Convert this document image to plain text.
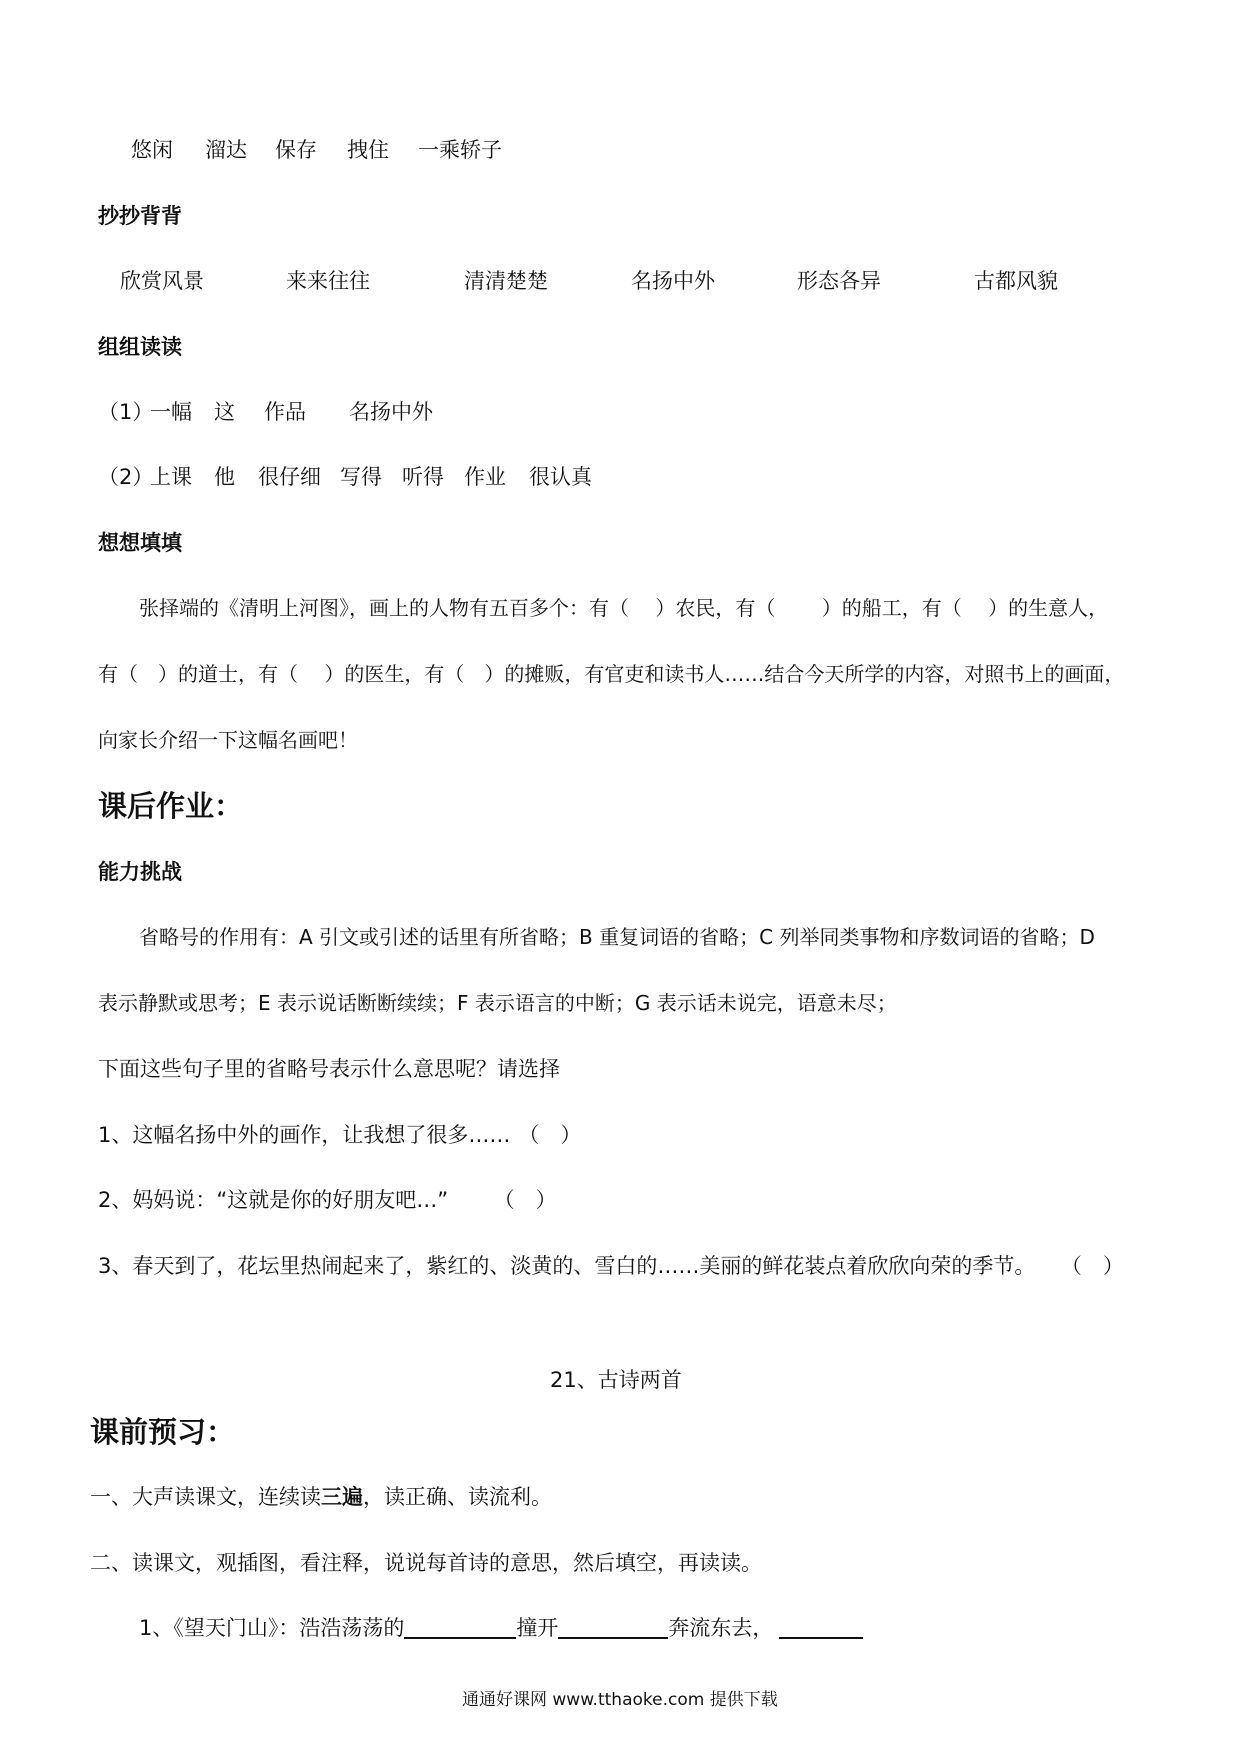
悠闲 溜达 保存 拽住 一乘轿子
抄抄背背
欣赏风景	来来往往	清清楚楚	名扬中外	形态各异	古都风貌
组组读读
（1）一幅 这 作品 名扬中外
（2）上课 他 很仔细 写得 听得 作业 很认真
想想填填
张择端的《清明上河图》，画上的人物有五百多个：有（　 ）农民，有（　 　）的船工，有（ 　）的生意人，
有（　）的道士，有（　 ）的医生，有（　）的摊贩，有官吏和读书人……结合今天所学的内容，对照书上的画面，
向家长介绍一下这幅名画吧！
课后作业：
能力挑战
省略号的作用有：A 引文或引述的话里有所省略；B 重复词语的省略；C 列举同类事物和序数词语的省略；D
表示静默或思考；E 表示说话断断续续；F 表示语言的中断；G 表示话未说完，语意未尽；
下面这些句子里的省略号表示什么意思呢？请选择
1、这幅名扬中外的画作，让我想了很多…… （　）
2、妈妈说：“这就是你的好朋友吧…”	（　）
3、春天到了，花坛里热闹起来了，紫红的、淡黄的、雪白的……美丽的鲜花装点着欣欣向荣的季节。 （　）
21、古诗两首
课前预习：
一、大声读课文，连续读三遍，读正确、读流利。
二、读课文，观插图，看注释，说说每首诗的意思，然后填空，再读读。
1、《望天门山》：浩浩荡荡的	撞开	奔流东去，
通通好课网 www.tthaoke.com 提供下载
